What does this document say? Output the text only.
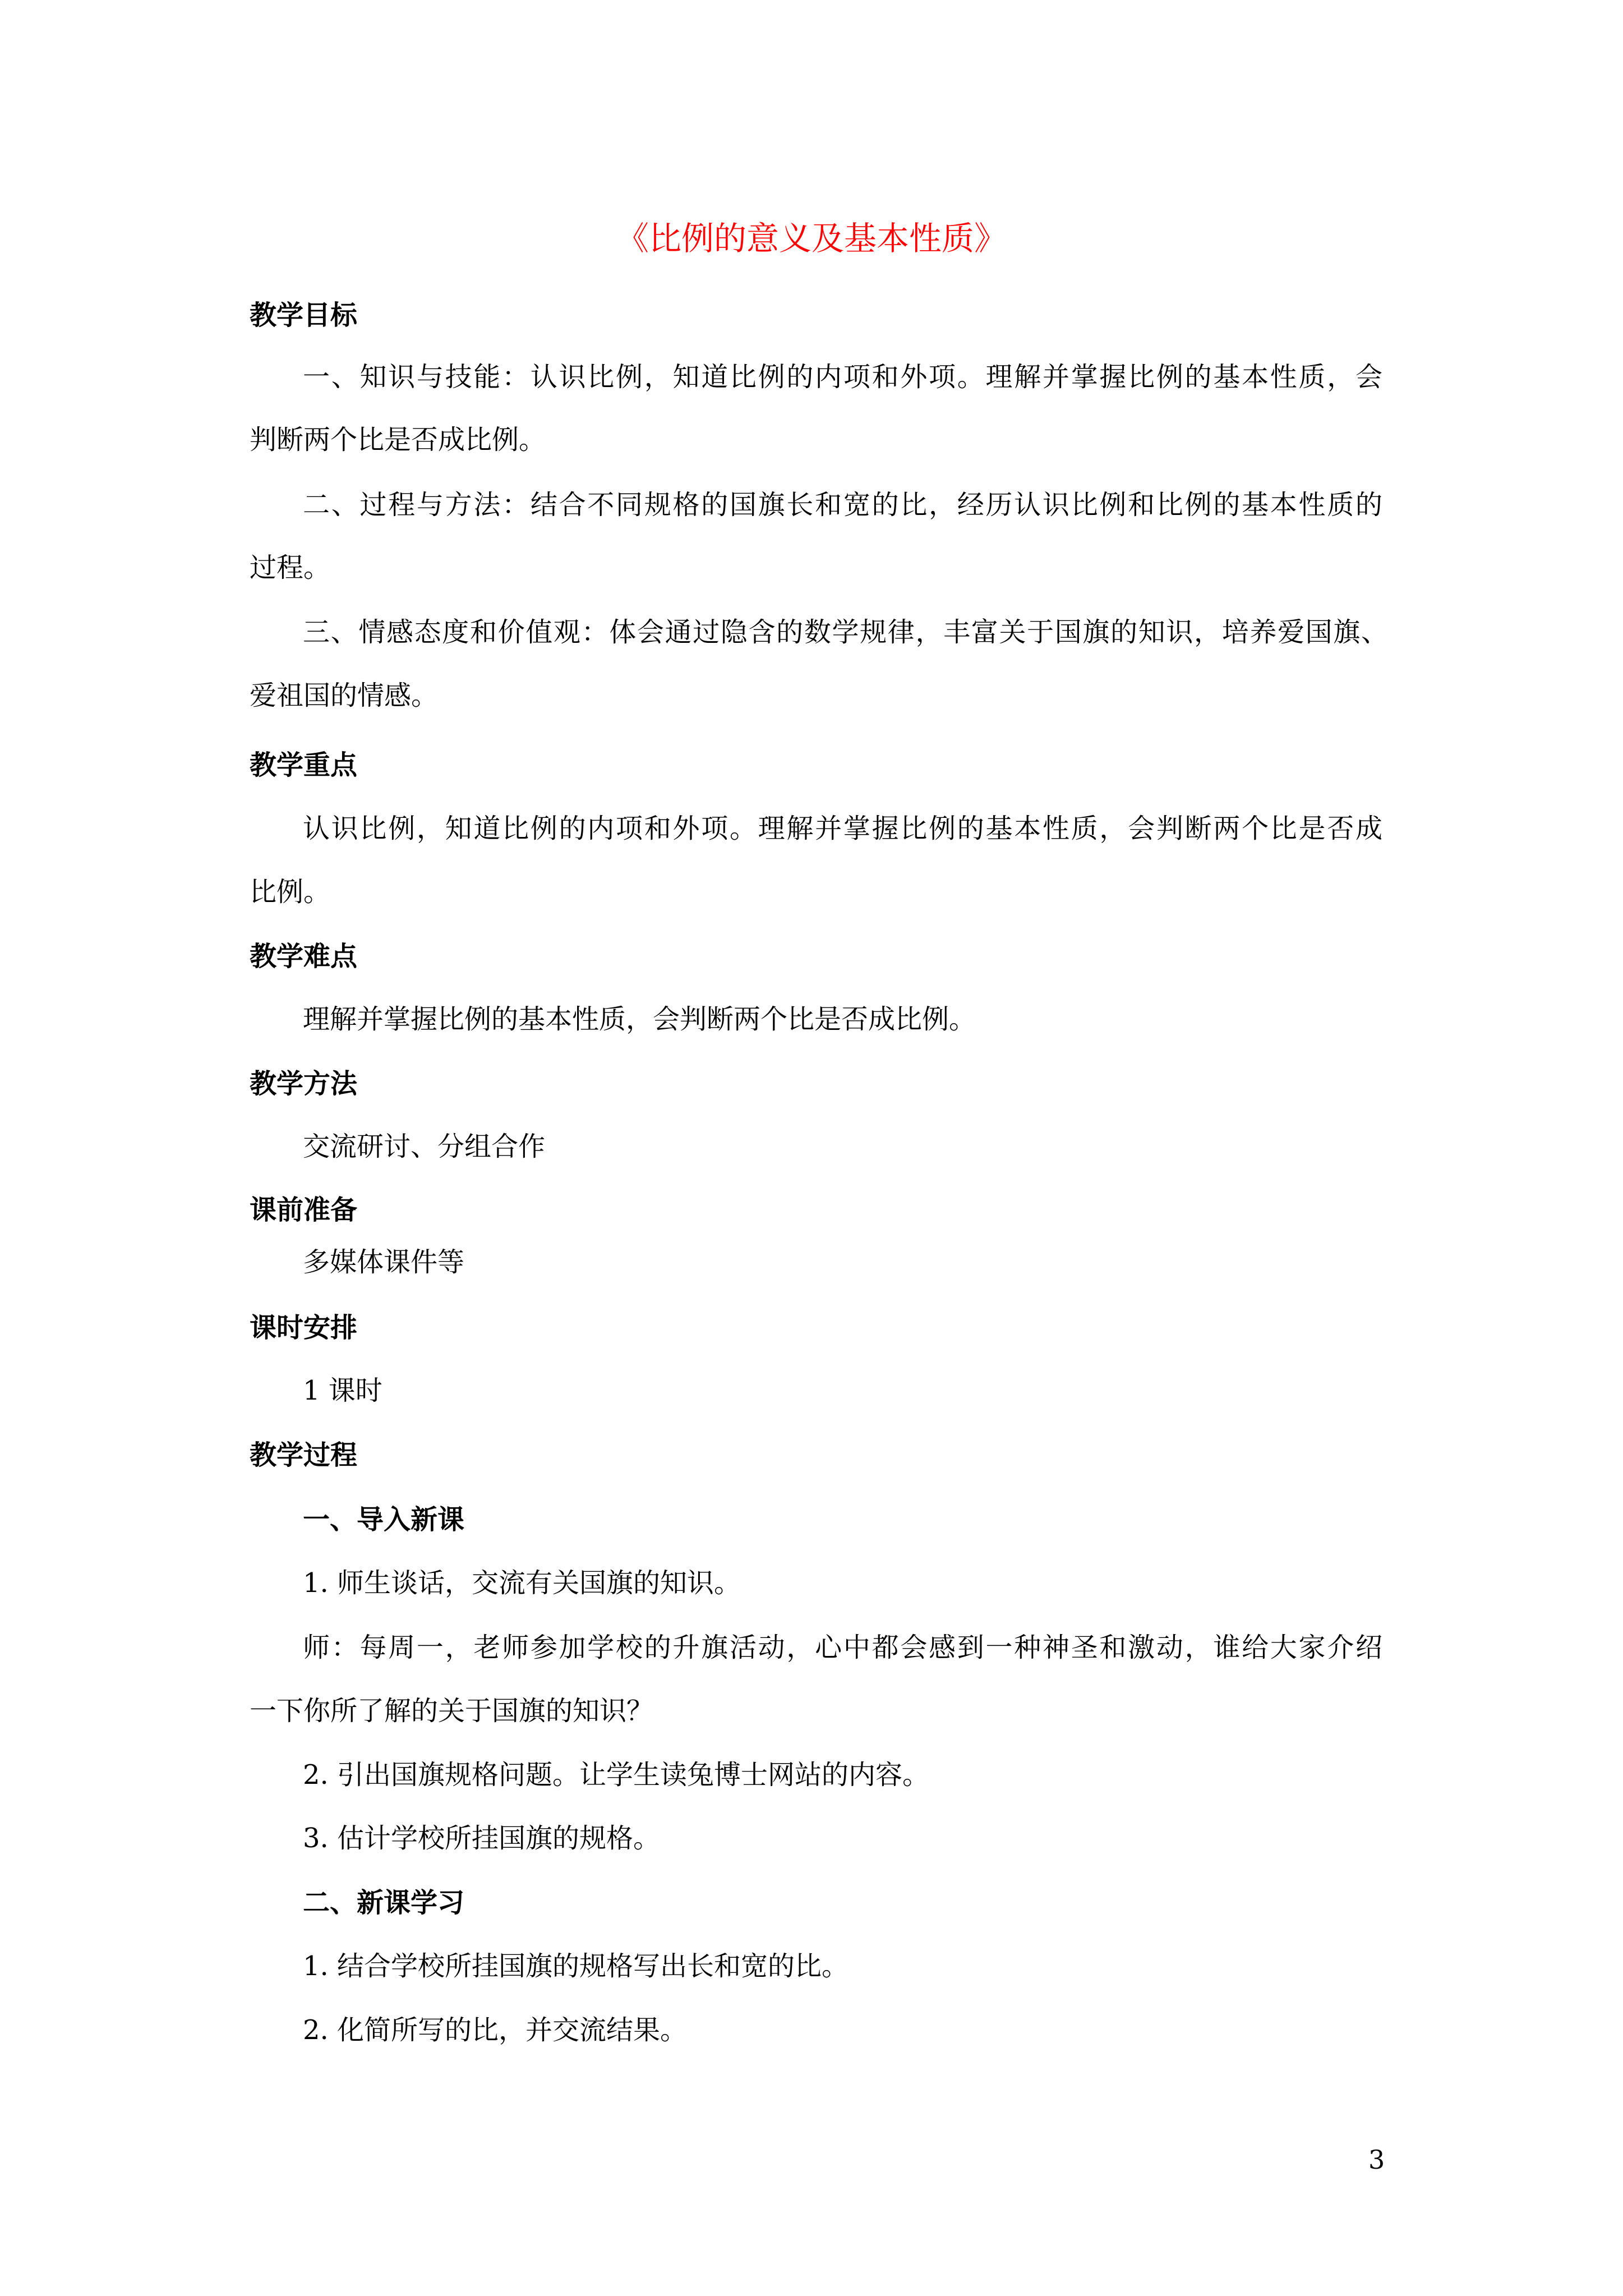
《比例的意义及基本性质》

教学目标

一、知识与技能：认识比例，知道比例的内项和外项。理解并掌握比例的基本性质，会

判断两个比是否成比例。

二、过程与方法：结合不同规格的国旗长和宽的比，经历认识比例和比例的基本性质的

过程。

三、情感态度和价值观：体会通过隐含的数学规律，丰富关于国旗的知识，培养爱国旗、

爱祖国的情感。

教学重点

认识比例，知道比例的内项和外项。理解并掌握比例的基本性质，会判断两个比是否成

比例。

教学难点

理解并掌握比例的基本性质，会判断两个比是否成比例。

教学方法

交流研讨、分组合作

课前准备

多媒体课件等

课时安排

1 课时

教学过程

一、导入新课

1. 师生谈话，交流有关国旗的知识。

师：每周一，老师参加学校的升旗活动，心中都会感到一种神圣和激动，谁给大家介绍

一下你所了解的关于国旗的知识？

2. 引出国旗规格问题。让学生读兔博士网站的内容。

3. 估计学校所挂国旗的规格。

二、新课学习

1. 结合学校所挂国旗的规格写出长和宽的比。

2. 化简所写的比，并交流结果。

3
